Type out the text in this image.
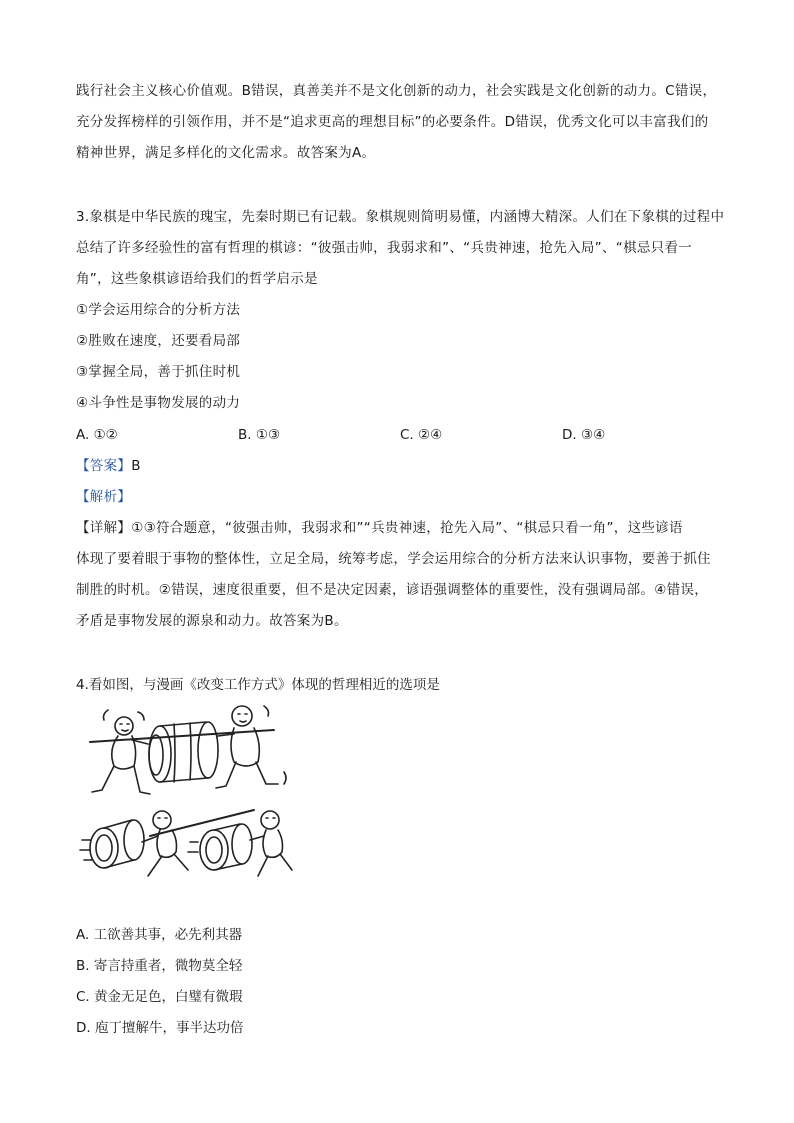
践行社会主义核心价值观。B错误，真善美并不是文化创新的动力，社会实践是文化创新的动力。C错误，
充分发挥榜样的引领作用，并不是“追求更高的理想目标”的必要条件。D错误，优秀文化可以丰富我们的
精神世界，满足多样化的文化需求。故答案为A。
3.象棋是中华民族的瑰宝，先秦时期已有记载。象棋规则简明易懂，内涵博大精深。人们在下象棋的过程中
总结了许多经验性的富有哲理的棋谚：“彼强击帅，我弱求和”、“兵贵神速，抢先入局”、“棋忌只看一
角”，这些象棋谚语给我们的哲学启示是
①学会运用综合的分析方法
②胜败在速度，还要看局部
③掌握全局，善于抓住时机
④斗争性是事物发展的动力
A. ①②	B. ①③	C. ②④	D. ③④
【答案】B
【解析】
【详解】①③符合题意，“彼强击帅，我弱求和”“兵贵神速，抢先入局”、“棋忌只看一角”，这些谚语
体现了要着眼于事物的整体性，立足全局，统筹考虑，学会运用综合的分析方法来认识事物，要善于抓住
制胜的时机。②错误，速度很重要，但不是决定因素，谚语强调整体的重要性，没有强调局部。④错误，
矛盾是事物发展的源泉和动力。故答案为B。
4.看如图，与漫画《改变工作方式》体现的哲理相近的选项是
A. 工欲善其事，必先利其器
B. 寄言持重者，微物莫全轻
C. 黄金无足色，白璧有微瑕
D. 庖丁擅解牛，事半达功倍
